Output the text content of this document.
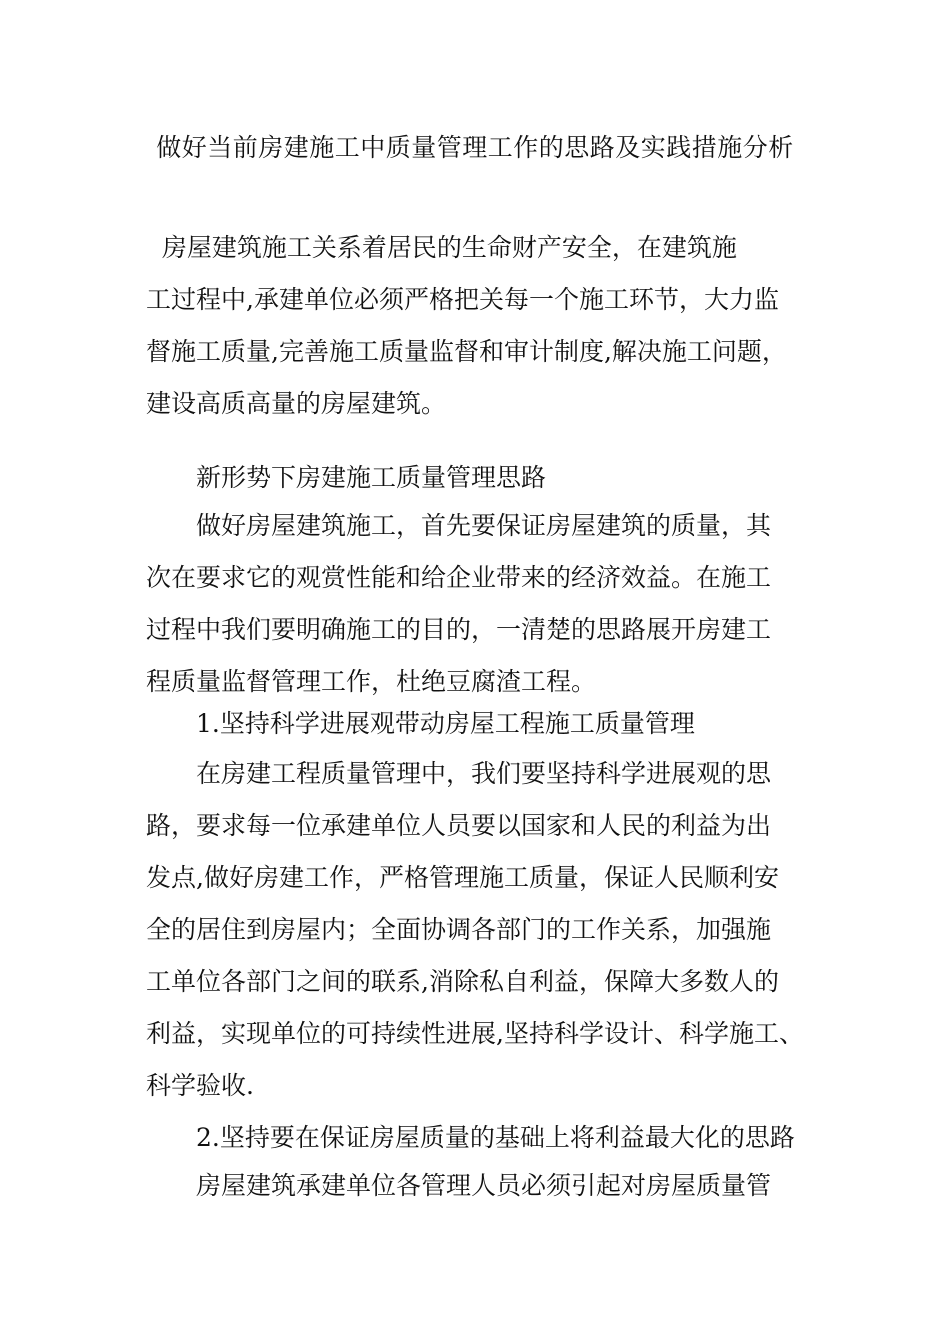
做好当前房建施工中质量管理工作的思路及实践措施分析
房屋建筑施工关系着居民的生命财产安全，在建筑施
工过程中,承建单位必须严格把关每一个施工环节，大力监
督施工质量,完善施工质量监督和审计制度,解决施工问题，
建设高质高量的房屋建筑。
新形势下房建施工质量管理思路
做好房屋建筑施工，首先要保证房屋建筑的质量，其
次在要求它的观赏性能和给企业带来的经济效益。在施工
过程中我们要明确施工的目的，一清楚的思路展开房建工
程质量监督管理工作，杜绝豆腐渣工程。
1.坚持科学进展观带动房屋工程施工质量管理
在房建工程质量管理中，我们要坚持科学进展观的思
路，要求每一位承建单位人员要以国家和人民的利益为出
发点,做好房建工作，严格管理施工质量，保证人民顺利安
全的居住到房屋内；全面协调各部门的工作关系，加强施
工单位各部门之间的联系,消除私自利益，保障大多数人的
利益，实现单位的可持续性进展,坚持科学设计、科学施工、
科学验收.
2.坚持要在保证房屋质量的基础上将利益最大化的思路
房屋建筑承建单位各管理人员必须引起对房屋质量管
